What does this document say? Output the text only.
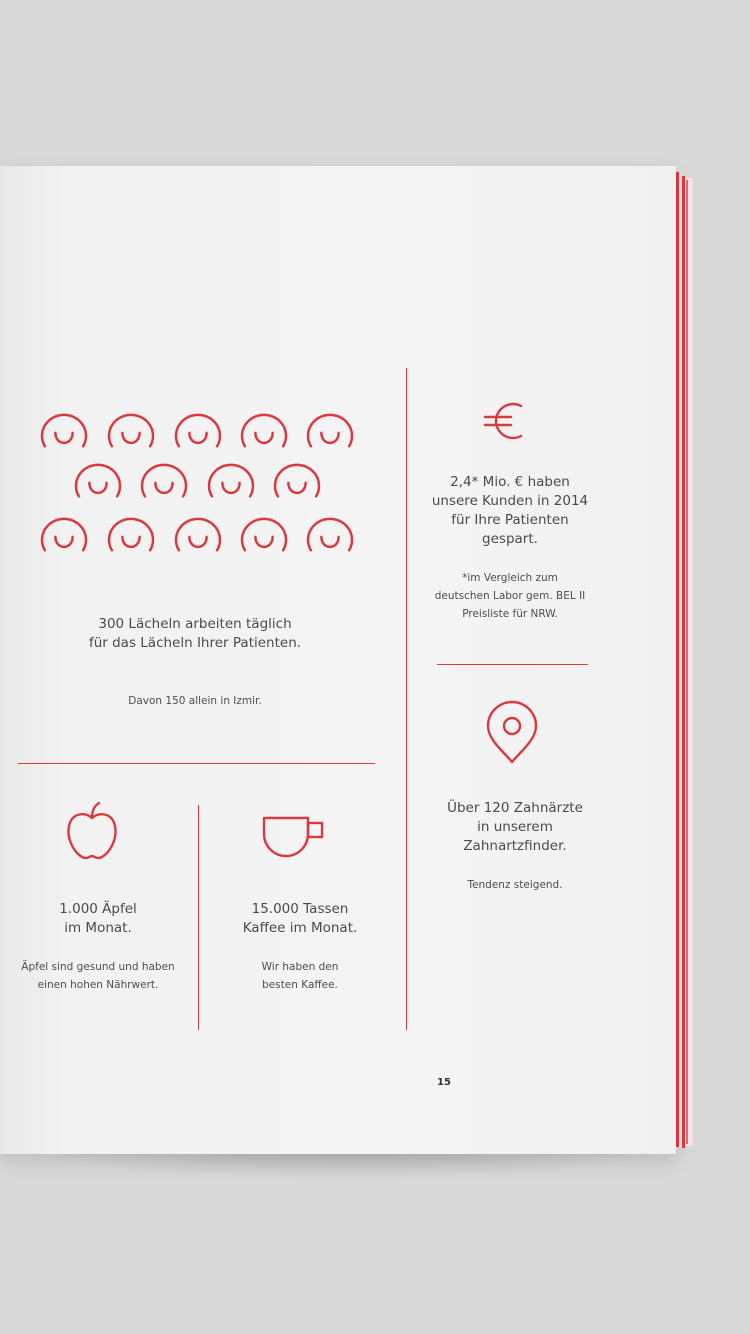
300 Lächeln arbeiten täglich
für das Lächeln Ihrer Patienten.
Davon 150 allein in Izmir.
2,4* Mio. € haben
unsere Kunden in 2014
für Ihre Patienten
gespart.
*im Vergleich zum
deutschen Labor gem. BEL II
Preisliste für NRW.
Über 120 Zahnärzte
in unserem
Zahnartzfinder.
Tendenz steigend.
1.000 Äpfel
im Monat.
Äpfel sind gesund und haben
einen hohen Nährwert.
15.000 Tassen
Kaffee im Monat.
Wir haben den
besten Kaffee.
15
